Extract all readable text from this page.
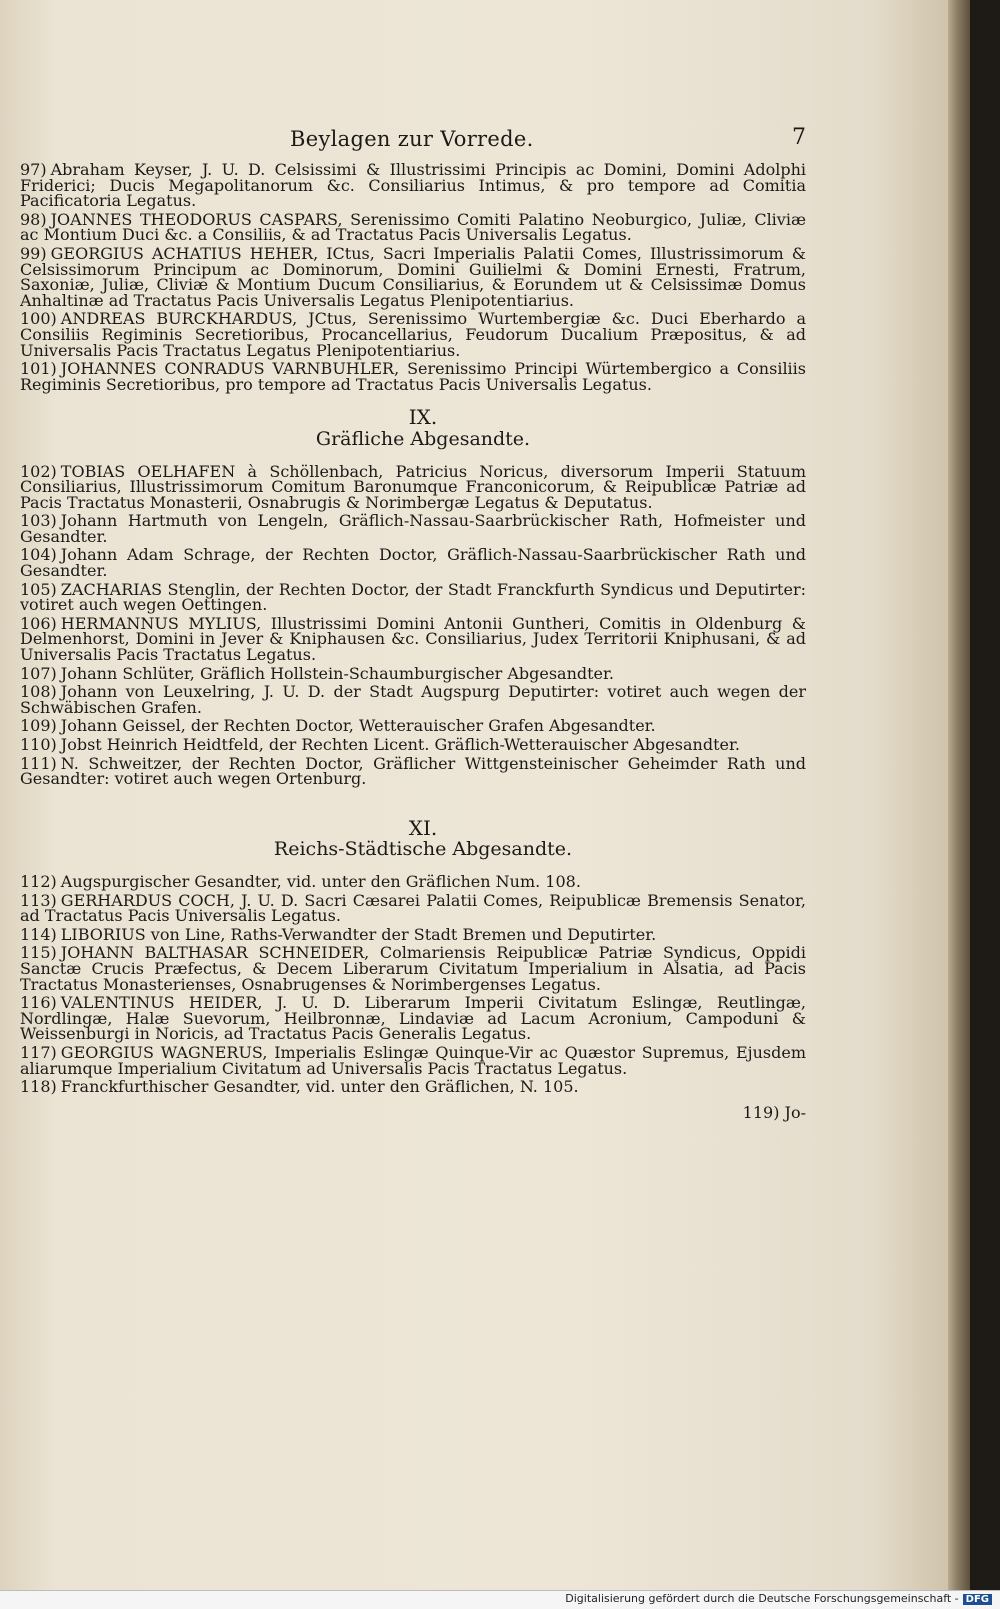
Beylagen zur Vorrede.	7

97) Abraham Keyser, J. U. D. Celsissimi & Illustrissimi Principis ac Domini, Domini Adolphi Friderici; Ducis Megapolitanorum &c. Consiliarius Intimus, & pro tempore ad Comitia Pacificatoria Legatus.

98) JOANNES THEODORUS CASPARS, Serenissimo Comiti Palatino Neoburgico, Juliæ, Cliviæ ac Montium Duci &c. a Consiliis, & ad Tractatus Pacis Universalis Legatus.

99) GEORGIUS ACHATIUS HEHER, ICtus, Sacri Imperialis Palatii Comes, Illustrissimorum & Celsissimorum Principum ac Dominorum, Domini Guilielmi & Domini Ernesti, Fratrum, Saxoniæ, Juliæ, Cliviæ & Montium Ducum Consiliarius, & Eorundem ut & Celsissimæ Domus Anhaltinæ ad Tractatus Pacis Universalis Legatus Plenipotentiarius.

100) ANDREAS BURCKHARDUS, JCtus, Serenissimo Wurtembergiæ &c. Duci Eberhardo a Consiliis Regiminis Secretioribus, Procancellarius, Feudorum Ducalium Præpositus, & ad Universalis Pacis Tractatus Legatus Plenipotentiarius.

101) JOHANNES CONRADUS VARNBUHLER, Serenissimo Principi Würtembergico a Consiliis Regiminis Secretioribus, pro tempore ad Tractatus Pacis Universalis Legatus.

IX.
Gräfliche Abgesandte.

102) TOBIAS OELHAFEN à Schöllenbach, Patricius Noricus, diversorum Imperii Statuum Consiliarius, Illustrissimorum Comitum Baronumque Franconicorum, & Reipublicæ Patriæ ad Pacis Tractatus Monasterii, Osnabrugis & Norimbergæ Legatus & Deputatus.

103) Johann Hartmuth von Lengeln, Gräflich-Nassau-Saarbrückischer Rath, Hofmeister und Gesandter.

104) Johann Adam Schrage, der Rechten Doctor, Gräflich-Nassau-Saarbrückischer Rath und Gesandter.

105) ZACHARIAS Stenglin, der Rechten Doctor, der Stadt Franckfurth Syndicus und Deputirter: votiret auch wegen Oettingen.

106) HERMANNUS MYLIUS, Illustrissimi Domini Antonii Guntheri, Comitis in Oldenburg & Delmenhorst, Domini in Jever & Kniphausen &c. Consiliarius, Judex Territorii Kniphusani, & ad Universalis Pacis Tractatus Legatus.

107) Johann Schlüter, Gräflich Hollstein-Schaumburgischer Abgesandter.

108) Johann von Leuxelring, J. U. D. der Stadt Augspurg Deputirter: votiret auch wegen der Schwäbischen Grafen.

109) Johann Geissel, der Rechten Doctor, Wetterauischer Grafen Abgesandter.

110) Jobst Heinrich Heidtfeld, der Rechten Licent. Gräflich-Wetterauischer Abgesandter.

111) N. Schweitzer, der Rechten Doctor, Gräflicher Wittgensteinischer Geheimder Rath und Gesandter: votiret auch wegen Ortenburg.

XI.
Reichs-Städtische Abgesandte.

112) Augspurgischer Gesandter, vid. unter den Gräflichen Num. 108.

113) GERHARDUS COCH, J. U. D. Sacri Cæsarei Palatii Comes, Reipublicæ Bremensis Senator, ad Tractatus Pacis Universalis Legatus.

114) LIBORIUS von Line, Raths-Verwandter der Stadt Bremen und Deputirter.

115) JOHANN BALTHASAR SCHNEIDER, Colmariensis Reipublicæ Patriæ Syndicus, Oppidi Sanctæ Crucis Præfectus, & Decem Liberarum Civitatum Imperialium in Alsatia, ad Pacis Tractatus Monasterienses, Osnabrugenses & Norimbergenses Legatus.

116) VALENTINUS HEIDER, J. U. D. Liberarum Imperii Civitatum Eslingæ, Reutlingæ, Nordlingæ, Halæ Suevorum, Heilbronnæ, Lindaviæ ad Lacum Acronium, Campoduni & Weissenburgi in Noricis, ad Tractatus Pacis Generalis Legatus.

117) GEORGIUS WAGNERUS, Imperialis Eslingæ Quinque-Vir ac Quæstor Supremus, Ejusdem aliarumque Imperialium Civitatum ad Universalis Pacis Tractatus Legatus.

118) Franckfurthischer Gesandter, vid. unter den Gräflichen, N. 105.

119) Jo-
Digitalisierung gefördert durch die Deutsche Forschungsgemeinschaft - DFG
